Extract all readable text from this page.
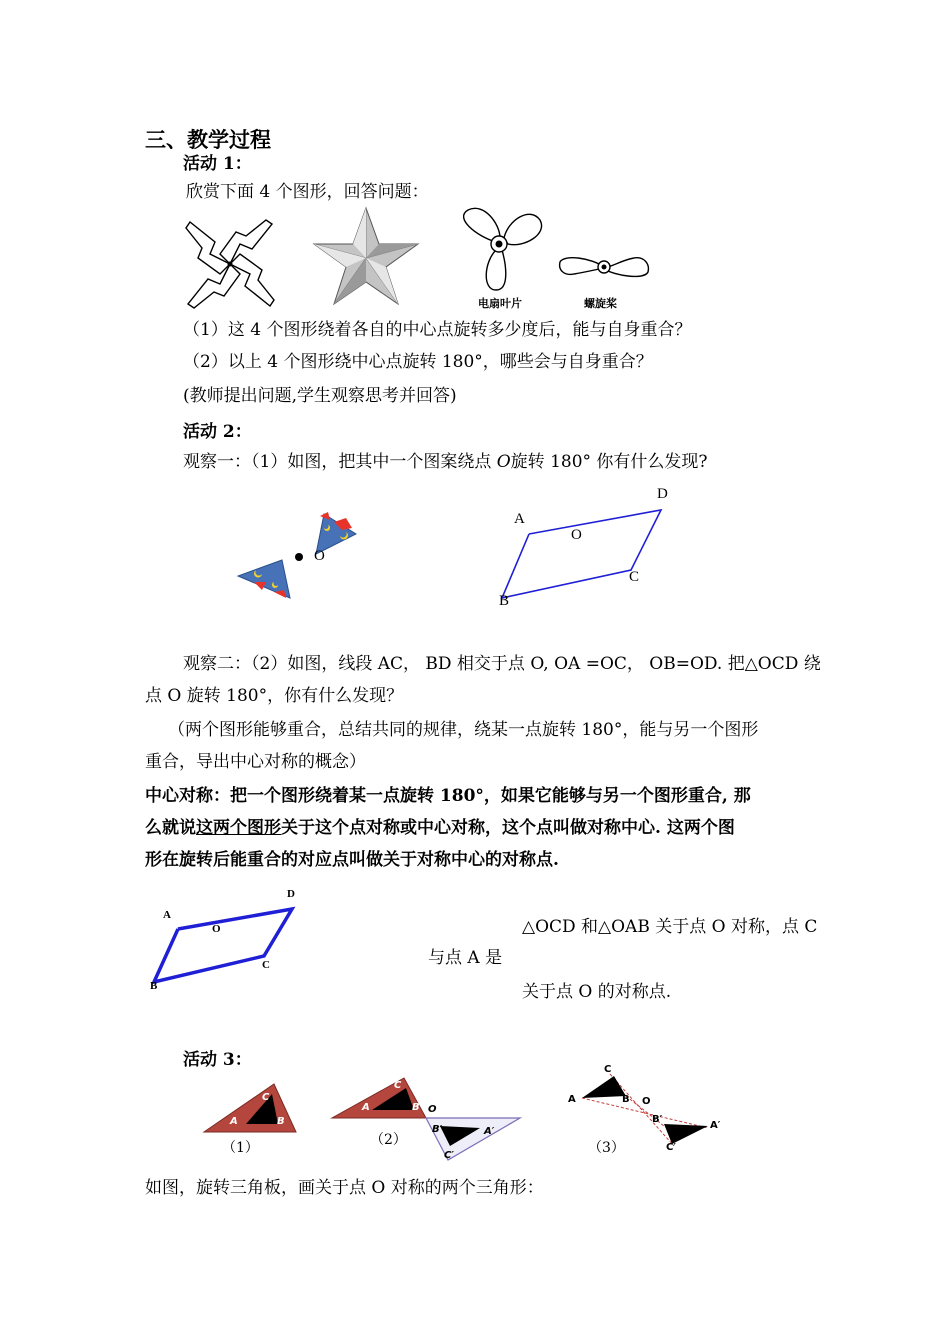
三、教学过程
活动 1：
欣赏下面 4 个图形，回答问题：
电扇叶片	螺旋桨
（1）这 4 个图形绕着各自的中心点旋转多少度后，能与自身重合？
（2）以上 4 个图形绕中心点旋转 180°，哪些会与自身重合？
(教师提出问题,学生观察思考并回答)
活动 2：
观察一：（1）如图，把其中一个图案绕点 O旋转 180° 你有什么发现?
O
A
O
D
C
B
观察二：（2）如图，线段 AC， BD 相交于点 O, OA =OC， OB=OD. 把△OCD 绕
点 O 旋转 180°，你有什么发现？
（两个图形能够重合，总结共同的规律，绕某一点旋转 180°，能与另一个图形
重合，导出中心对称的概念）
中心对称：把一个图形绕着某一点旋转 180°，如果它能够与另一个图形重合, 那
么就说这两个图形关于这个点对称或中心对称，这个点叫做对称中心. 这两个图
形在旋转后能重合的对应点叫做关于对称中心的对称点.
A
O
D
C
B
△OCD 和△OAB 关于点 O 对称，点 C
与点 A 是
关于点 O 的对称点.
活动 3：
A
C
B
（1）
A
C
B O
B′	A′
C′
（2）
C
A	B O
B′
A′
C′
（3）
如图，旋转三角板，画关于点 O 对称的两个三角形：
